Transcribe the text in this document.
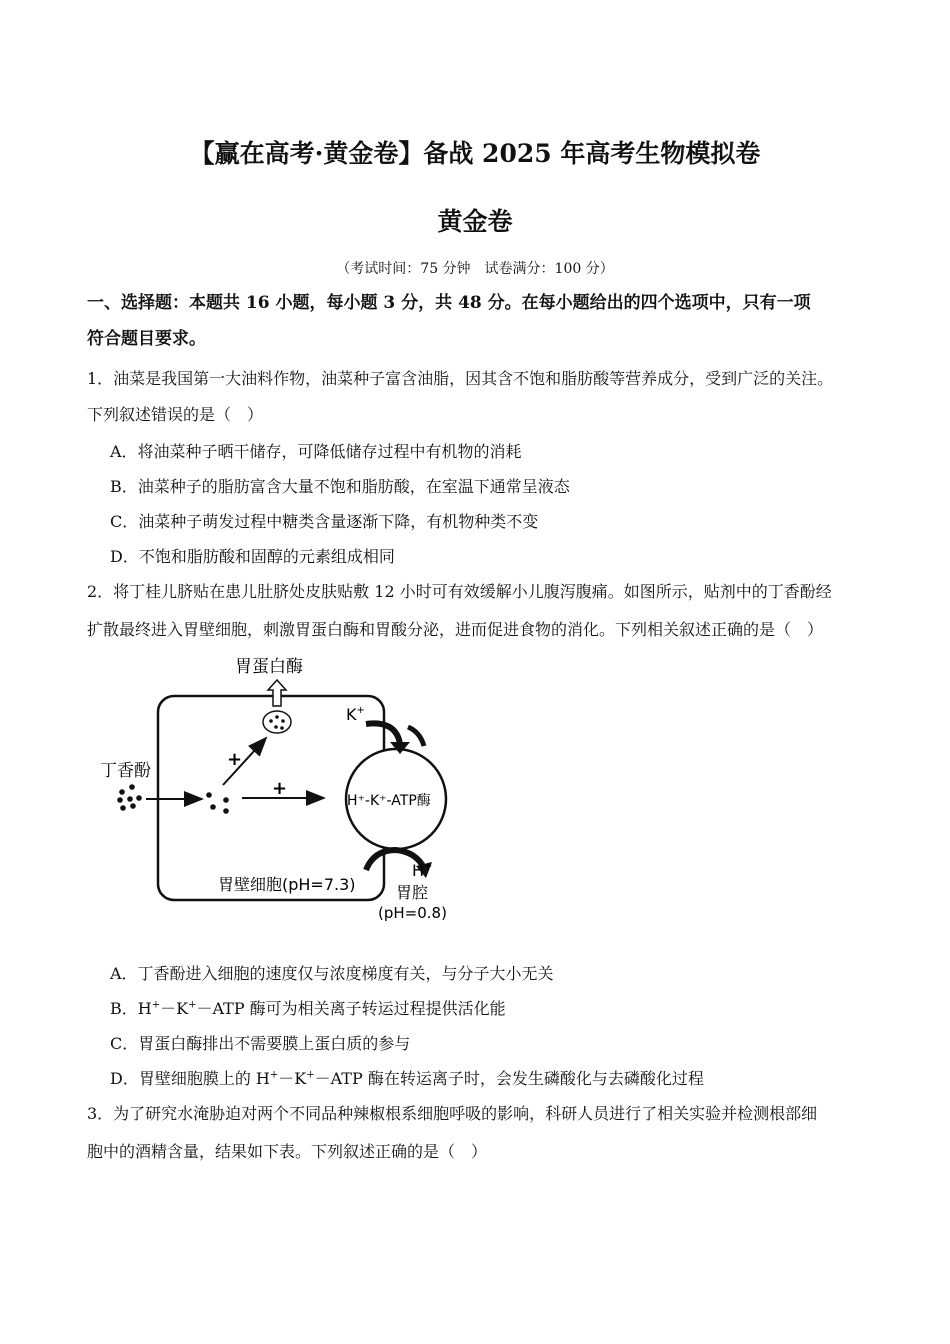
【赢在高考·黄金卷】备战 2025 年高考生物模拟卷
黄金卷
（考试时间：75 分钟　试卷满分：100 分）
一、选择题：本题共 16 小题，每小题 3 分，共 48 分。在每小题给出的四个选项中，只有一项
符合题目要求。
1．油菜是我国第一大油料作物，油菜种子富含油脂，因其含不饱和脂肪酸等营养成分，受到广泛的关注。
下列叙述错误的是（　）
A．将油菜种子晒干储存，可降低储存过程中有机物的消耗
B．油菜种子的脂肪富含大量不饱和脂肪酸，在室温下通常呈液态
C．油菜种子萌发过程中糖类含量逐渐下降，有机物种类不变
D．不饱和脂肪酸和固醇的元素组成相同
2．将丁桂儿脐贴在患儿肚脐处皮肤贴敷 12 小时可有效缓解小儿腹泻腹痛。如图所示，贴剂中的丁香酚经
扩散最终进入胃壁细胞，刺激胃蛋白酶和胃酸分泌，进而促进食物的消化。下列相关叙述正确的是（　）
胃蛋白酶
丁香酚
+
+
H⁺-K⁺-ATP酶
K+
H+
胃壁细胞(pH=7.3)	胃腔
(pH=0.8)
A．丁香酚进入细胞的速度仅与浓度梯度有关，与分子大小无关
B．H+－K+－ATP 酶可为相关离子转运过程提供活化能
C．胃蛋白酶排出不需要膜上蛋白质的参与
D．胃壁细胞膜上的 H+－K+－ATP 酶在转运离子时，会发生磷酸化与去磷酸化过程
3．为了研究水淹胁迫对两个不同品种辣椒根系细胞呼吸的影响，科研人员进行了相关实验并检测根部细
胞中的酒精含量，结果如下表。下列叙述正确的是（　）
